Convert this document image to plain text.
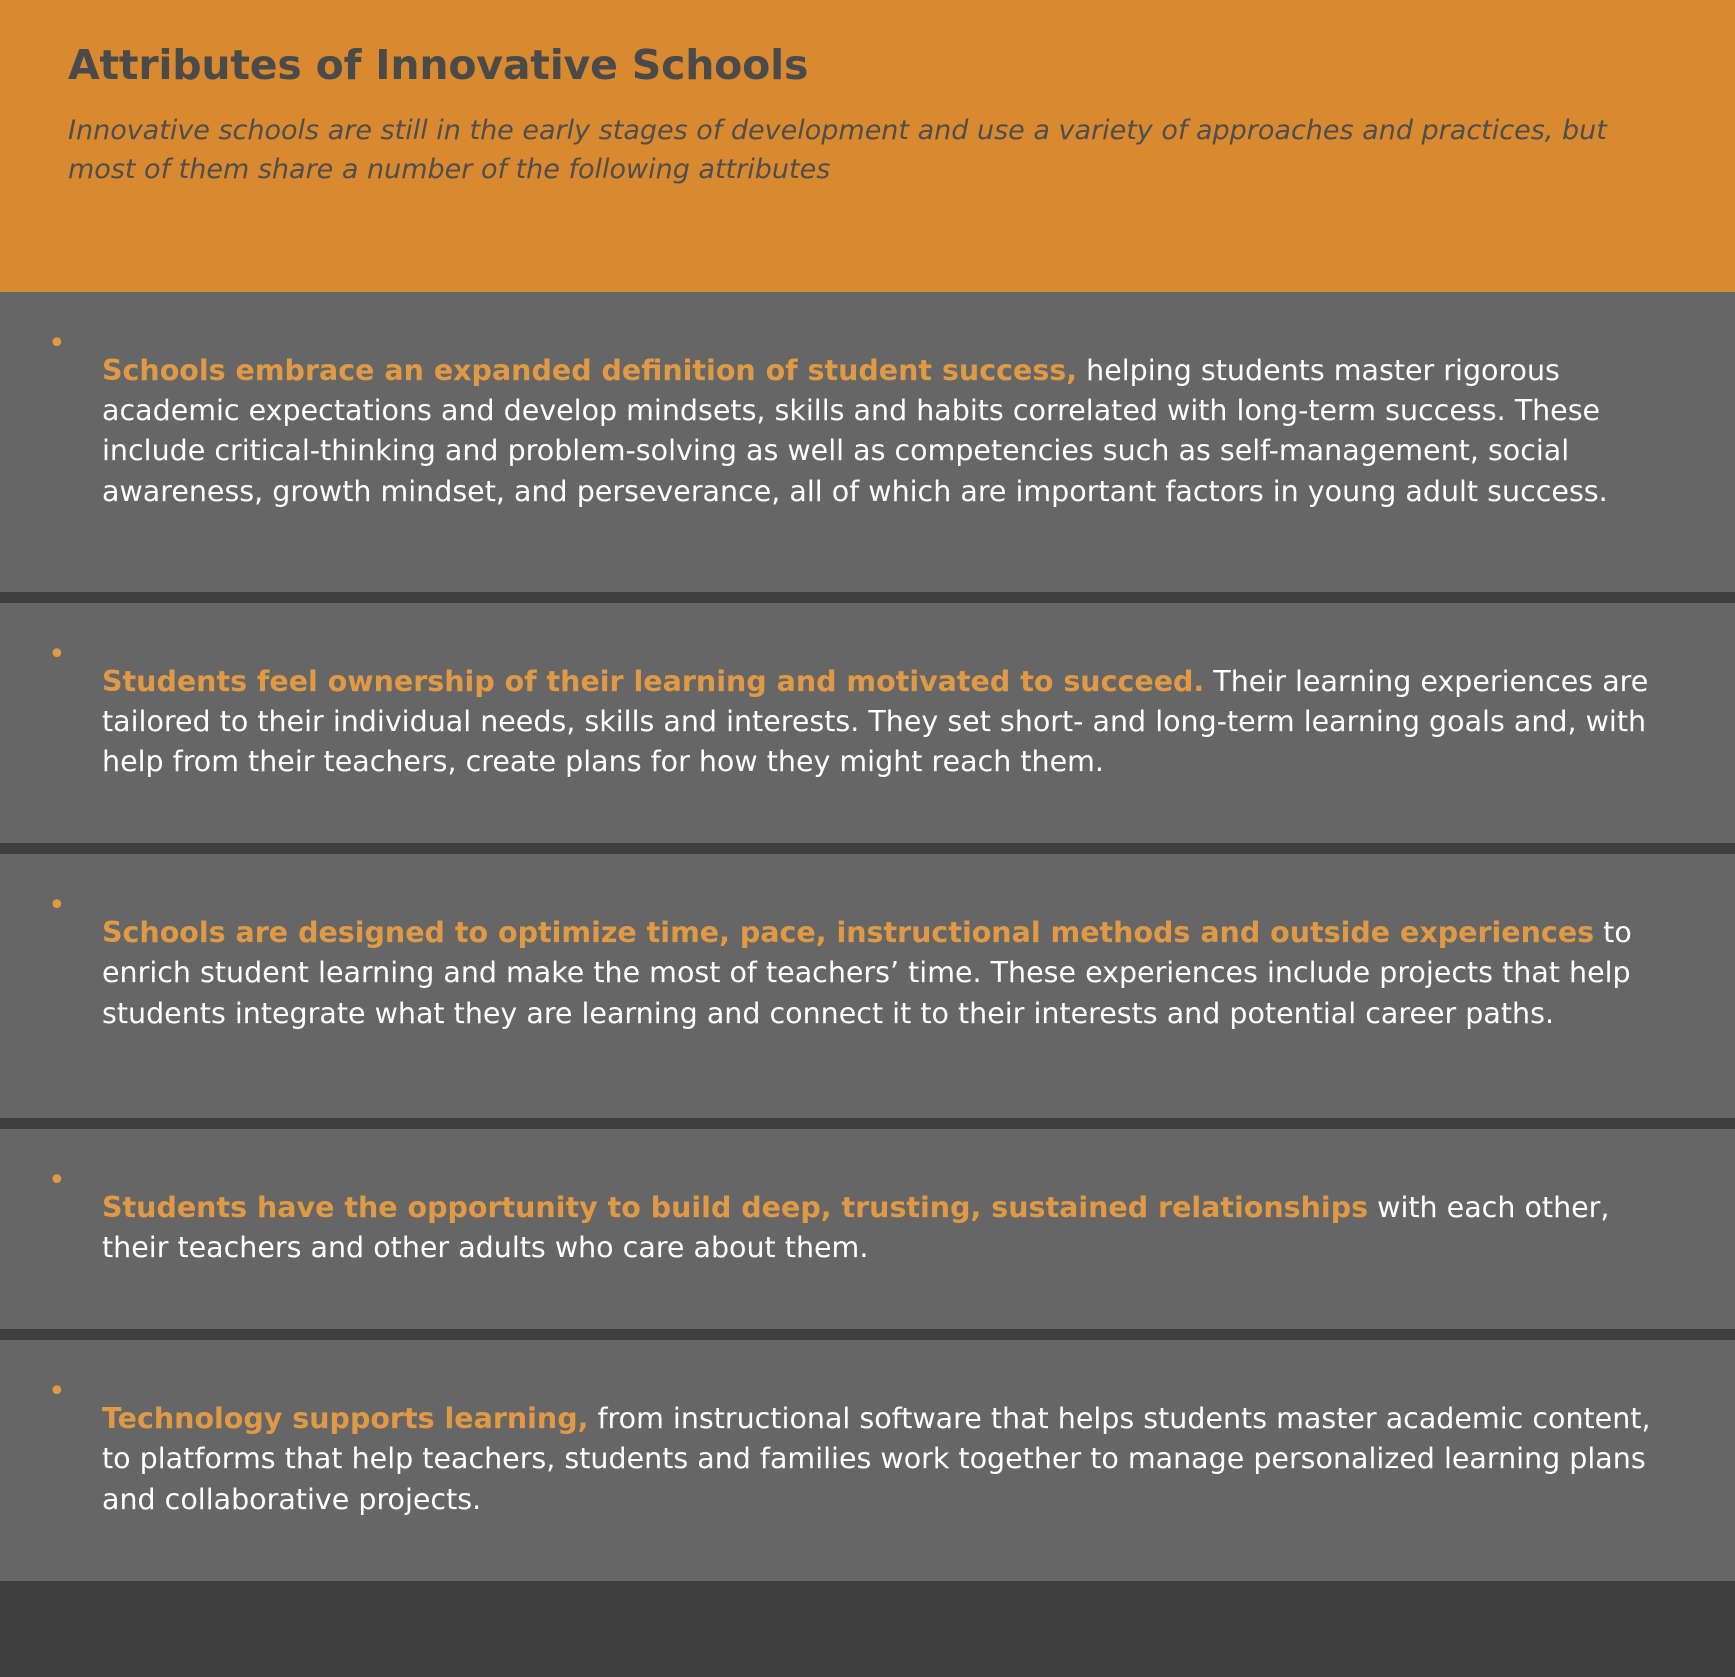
Attributes of Innovative Schools

Innovative schools are still in the early stages of development and use a variety of approaches and practices, but most of them share a number of the following attributes

•

Schools embrace an expanded definition of student success, helping students master rigorous academic expectations and develop mindsets, skills and habits correlated with long-term success. These include critical-thinking and problem-solving as well as competencies such as self-management, social awareness, growth mindset, and perseverance, all of which are important factors in young adult success.

•

Students feel ownership of their learning and motivated to succeed. Their learning experiences are tailored to their individual needs, skills and interests. They set short- and long-term learning goals and, with help from their teachers, create plans for how they might reach them.

•

Schools are designed to optimize time, pace, instructional methods and outside experiences to enrich student learning and make the most of teachers’ time. These experiences include projects that help students integrate what they are learning and connect it to their interests and potential career paths.

•

Students have the opportunity to build deep, trusting, sustained relationships with each other, their teachers and other adults who care about them.

•

Technology supports learning, from instructional software that helps students master academic content, to platforms that help teachers, students and families work together to manage personalized learning plans and collaborative projects.
